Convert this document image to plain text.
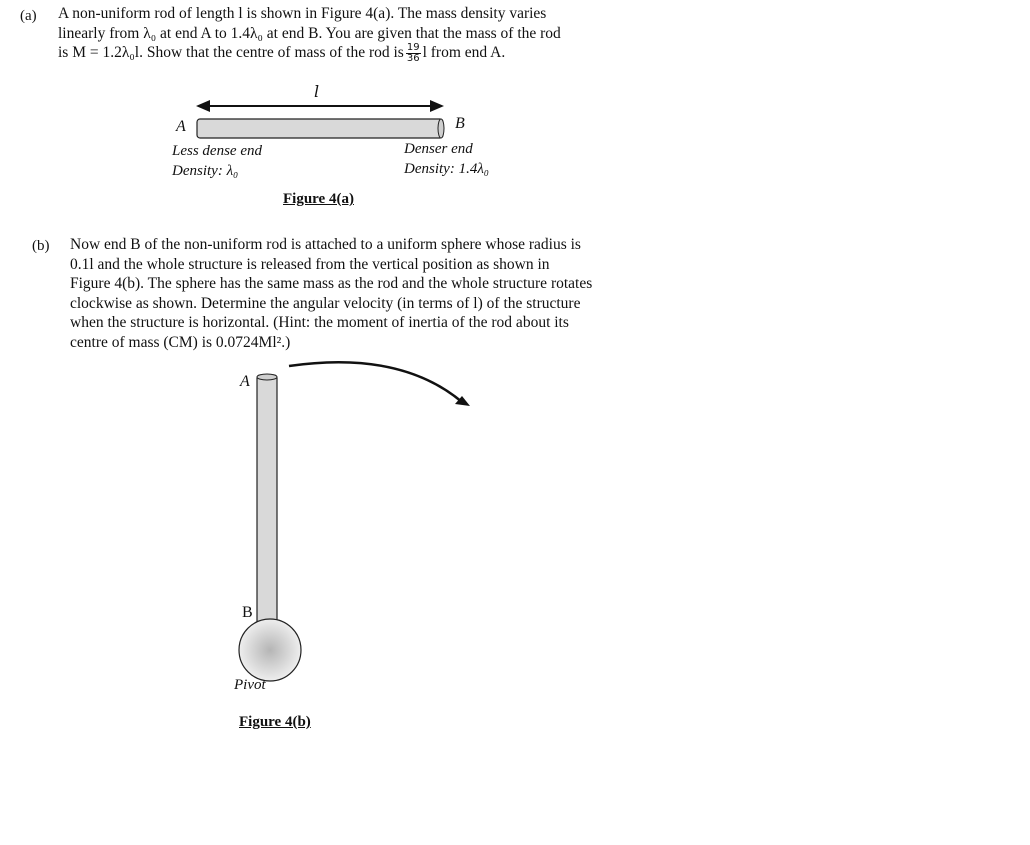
(a) A non-uniform rod of length l is shown in Figure 4(a). The mass density varies
linearly from λ₀ at end A to 1.4λ₀ at end B. You are given that the mass of the rod
is M = 1.2λ₀l. Show that the centre of mass of the rod is $\frac{19}{36}$ l from end A.
l
A	B
Less dense end
Density: λ₀
Denser end
Density: 1.4λ₀
Figure 4(a)
(b) Now end B of the non-uniform rod is attached to a uniform sphere whose radius is
0.1l and the whole structure is released from the vertical position as shown in
Figure 4(b). The sphere has the same mass as the rod and the whole structure rotates
clockwise as shown. Determine the angular velocity (in terms of l) of the structure
when the structure is horizontal. (Hint: the moment of inertia of the rod about its
centre of mass (CM) is 0.0724Ml².)
A
B
Pivot
Figure 4(b)
